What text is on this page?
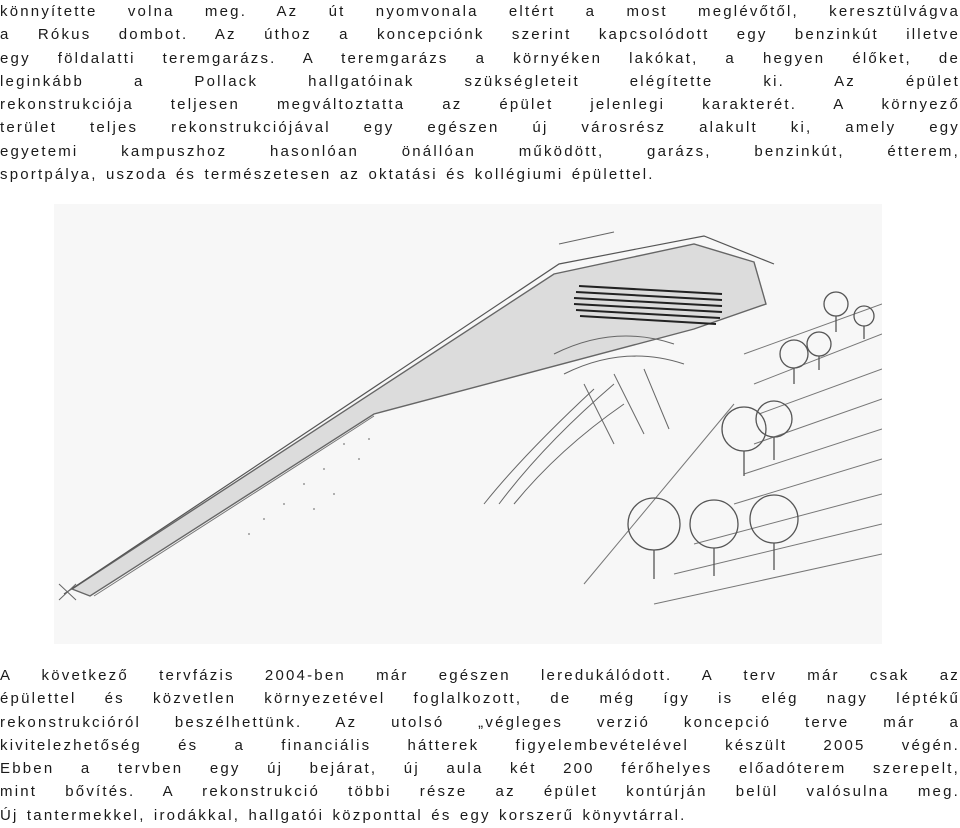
könnyítette volna meg. Az út nyomvonala eltért a most meglévőtől, keresztülvágva
a Rókus dombot. Az úthoz a koncepciónk szerint kapcsolódott egy benzinkút illetve
egy földalatti teremgarázs. A teremgarázs a környéken lakókat, a hegyen élőket, de
leginkább a Pollack hallgatóinak szükségleteit elégítette ki. Az épület
rekonstrukciója teljesen megváltoztatta az épület jelenlegi karakterét. A környező
terület teljes rekonstrukciójával egy egészen új városrész alakult ki, amely egy
egyetemi kampuszhoz hasonlóan önállóan működött, garázs, benzinkút, étterem,
sportpálya, uszoda és természetesen az oktatási és kollégiumi épülettel.
A következő tervfázis 2004-ben már egészen leredukálódott. A terv már csak az
épülettel és közvetlen környezetével foglalkozott, de még így is elég nagy léptékű
rekonstrukcióról beszélhettünk. Az utolsó „végleges verzió koncepció terve már a
kivitelezhetőség és a financiális hátterek figyelembevételével készült 2005 végén.
Ebben a tervben egy új bejárat, új aula két 200 férőhelyes előadóterem szerepelt,
mint bővítés. A rekonstrukció többi része az épület kontúrján belül valósulna meg.
Új tantermekkel, irodákkal, hallgatói központtal és egy korszerű könyvtárral.
